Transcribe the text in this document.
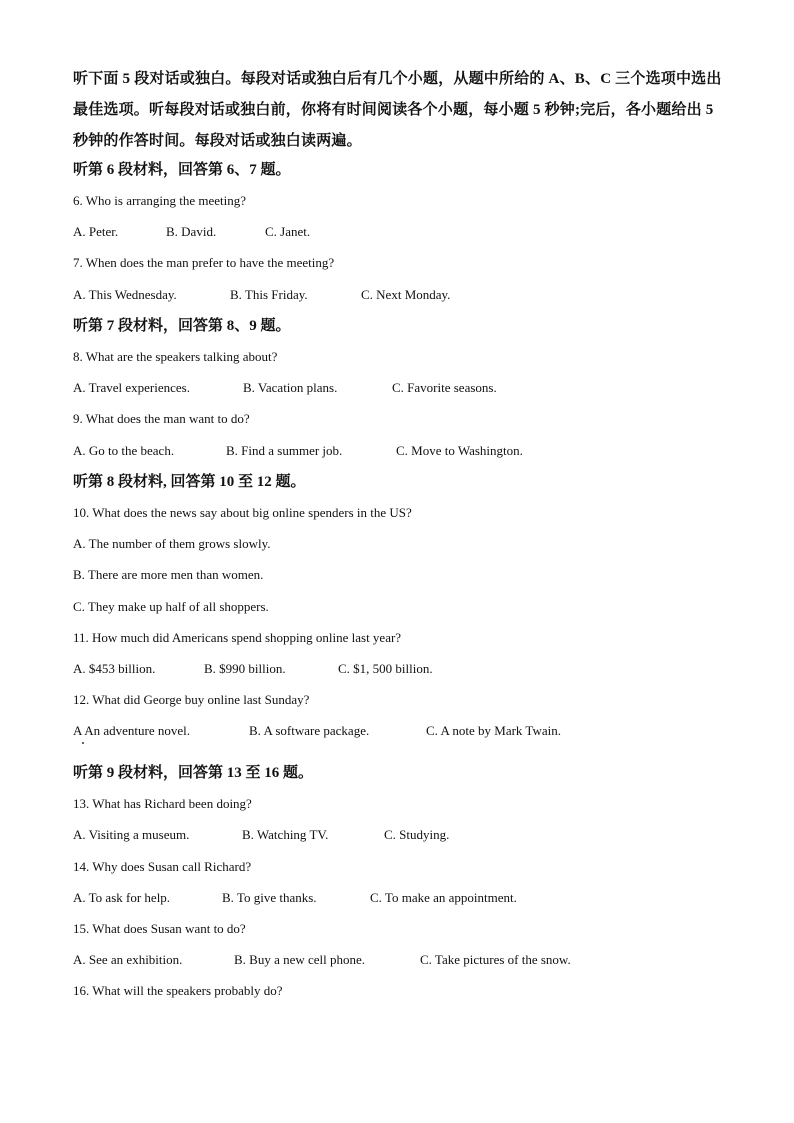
听下面 5 段对话或独白。每段对话或独白后有几个小题，从题中所给的 A、B、C 三个选项中选出最佳选项。听每段对话或独白前，你将有时间阅读各个小题，每小题 5 秒钟;完后，各小题给出 5 秒钟的作答时间。每段对话或独白读两遍。

听第 6 段材料，回答第 6、7 题。

6. Who is arranging the meeting?

A. Peter.	B. David.	C. Janet.

7. When does the man prefer to have the meeting?

A. This Wednesday.	B. This Friday.	C. Next Monday.

听第 7 段材料，回答第 8、9 题。

8. What are the speakers talking about?

A. Travel experiences.	B. Vacation plans.	C. Favorite seasons.

9. What does the man want to do?

A. Go to the beach.	B. Find a summer job.	C. Move to Washington.

听第 8 段材料, 回答第 10 至 12 题。

10. What does the news say about big online spenders in the US?

A. The number of them grows slowly.

B. There are more men than women.

C. They make up half of all shoppers.

11. How much did Americans spend shopping online last year?

A. $453 billion.	B. $990 billion.	C. $1, 500 billion.

12. What did George buy online last Sunday?

A An adventure novel.	B. A software package.	C. A note by Mark Twain.

听第 9 段材料，回答第 13 至 16 题。

13. What has Richard been doing?

A. Visiting a museum.	B. Watching TV.	C. Studying.

14. Why does Susan call Richard?

A. To ask for help.	B. To give thanks.	C. To make an appointment.

15. What does Susan want to do?

A. See an exhibition.	B. Buy a new cell phone.	C. Take pictures of the snow.

16. What will the speakers probably do?
